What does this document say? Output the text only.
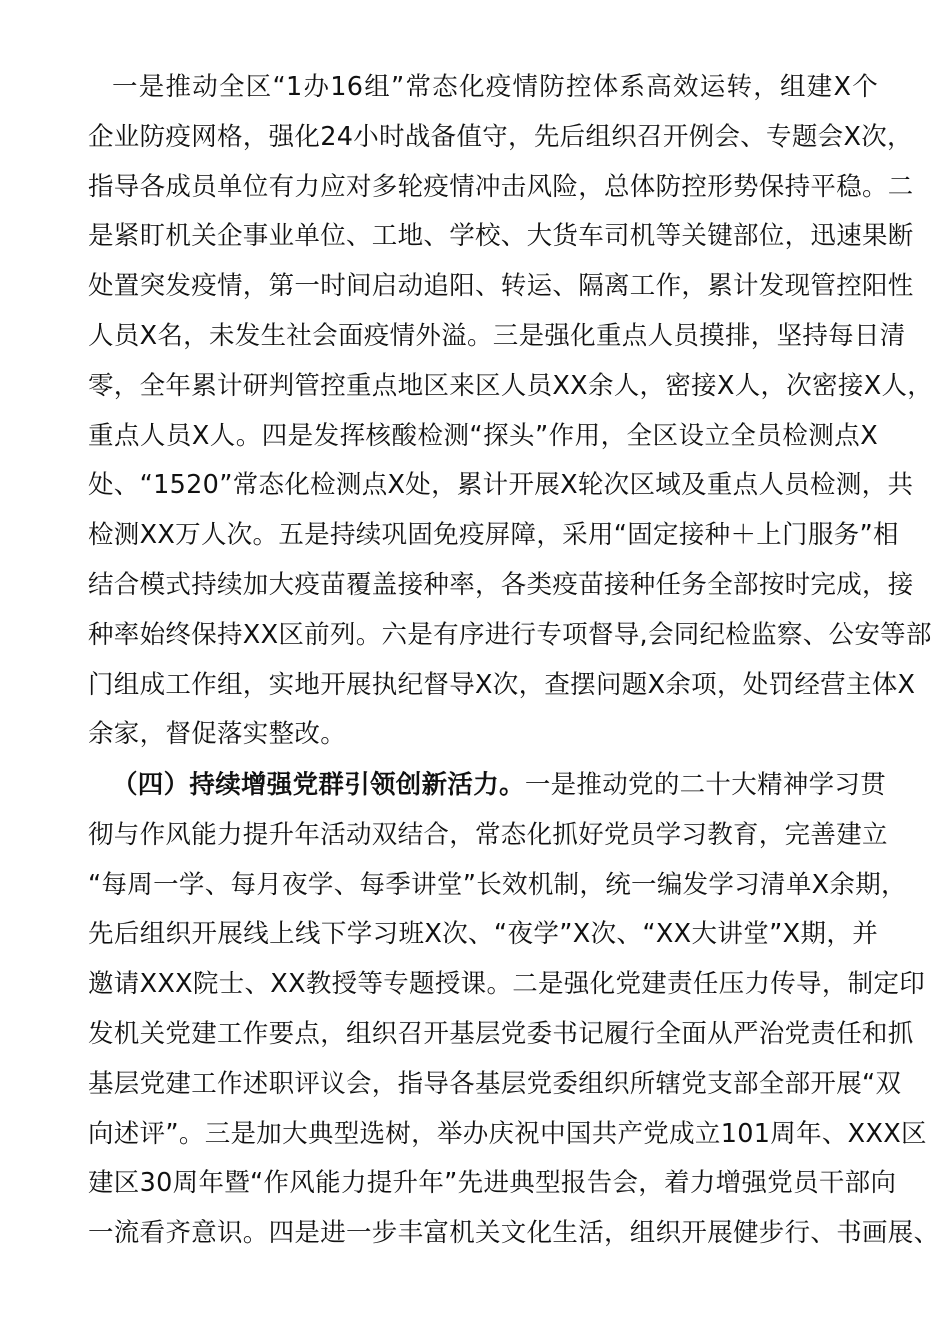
一是推动全区“1办16组”常态化疫情防控体系高效运转，组建X个
企业防疫网格，强化24小时战备值守，先后组织召开例会、专题会X次，
指导各成员单位有力应对多轮疫情冲击风险，总体防控形势保持平稳。二
是紧盯机关企事业单位、工地、学校、大货车司机等关键部位，迅速果断
处置突发疫情，第一时间启动追阳、转运、隔离工作，累计发现管控阳性
人员X名，未发生社会面疫情外溢。三是强化重点人员摸排，坚持每日清
零，全年累计研判管控重点地区来区人员XX余人，密接X人，次密接X人，
重点人员X人。四是发挥核酸检测“探头”作用，全区设立全员检测点X
处、“1520”常态化检测点X处，累计开展X轮次区域及重点人员检测，共
检测XX万人次。五是持续巩固免疫屏障，采用“固定接种＋上门服务”相
结合模式持续加大疫苗覆盖接种率，各类疫苗接种任务全部按时完成，接
种率始终保持XX区前列。六是有序进行专项督导,会同纪检监察、公安等部
门组成工作组，实地开展执纪督导X次，查摆问题X余项，处罚经营主体X
余家，督促落实整改。
（四）持续增强党群引领创新活力。一是推动党的二十大精神学习贯
彻与作风能力提升年活动双结合，常态化抓好党员学习教育，完善建立
“每周一学、每月夜学、每季讲堂”长效机制，统一编发学习清单X余期，
先后组织开展线上线下学习班X次、“夜学”X次、“XX大讲堂”X期，并
邀请XXX院士、XX教授等专题授课。二是强化党建责任压力传导，制定印
发机关党建工作要点，组织召开基层党委书记履行全面从严治党责任和抓
基层党建工作述职评议会，指导各基层党委组织所辖党支部全部开展“双
向述评”。三是加大典型选树，举办庆祝中国共产党成立101周年、XXX区
建区30周年暨“作风能力提升年”先进典型报告会，着力增强党员干部向
一流看齐意识。四是进一步丰富机关文化生活，组织开展健步行、书画展、
